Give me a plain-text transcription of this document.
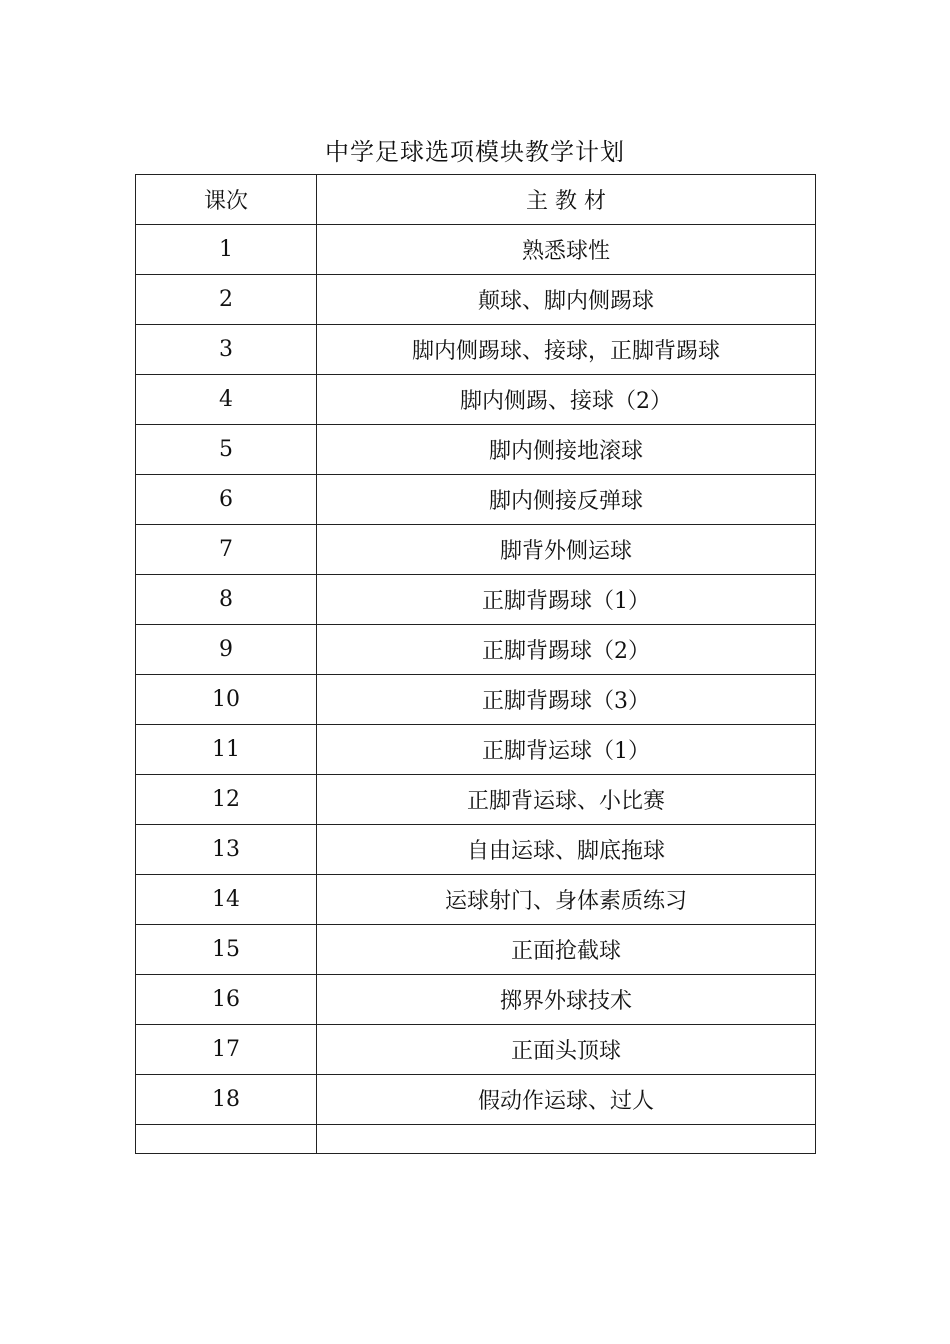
中学足球选项模块教学计划
课次	主 教 材
1	熟悉球性
2	颠球、脚内侧踢球
3	脚内侧踢球、接球，正脚背踢球
4	脚内侧踢、接球（2）
5	脚内侧接地滚球
6	脚内侧接反弹球
7	脚背外侧运球
8	正脚背踢球（1）
9	正脚背踢球（2）
10	正脚背踢球（3）
11	正脚背运球（1）
12	正脚背运球、小比赛
13	自由运球、脚底拖球
14	运球射门、身体素质练习
15	正面抢截球
16	掷界外球技术
17	正面头顶球
18	假动作运球、过人
